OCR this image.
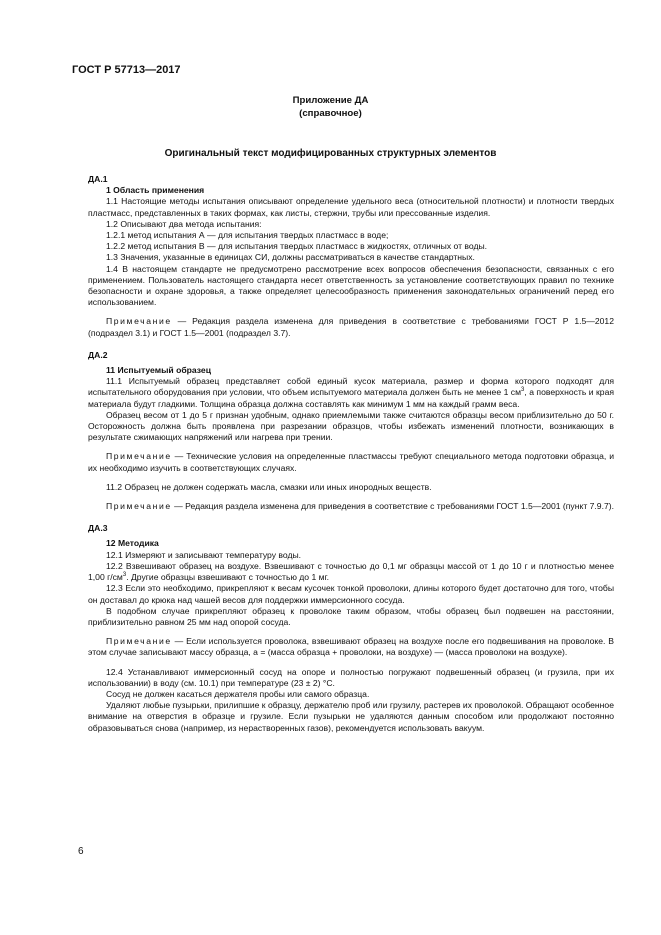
ГОСТ Р 57713—2017
Приложение ДА
(справочное)
Оригинальный текст модифицированных структурных элементов

ДА.1

1 Область применения

1.1 Настоящие методы испытания описывают определение удельного веса (относительной плотности) и плотности твердых пластмасс, представленных в таких формах, как листы, стержни, трубы или прессованные изделия.

1.2 Описывают два метода испытания:

1.2.1 метод испытания А — для испытания твердых пластмасс в воде;

1.2.2 метод испытания В — для испытания твердых пластмасс в жидкостях, отличных от воды.

1.3 Значения, указанные в единицах СИ, должны рассматриваться в качестве стандартных.

1.4 В настоящем стандарте не предусмотрено рассмотрение всех вопросов обеспечения безопасности, связанных с его применением. Пользователь настоящего стандарта несет ответственность за установление соответствующих правил по технике безопасности и охране здоровья, а также определяет целесообразность применения законодательных ограничений перед его использованием.

Примечание — Редакция раздела изменена для приведения в соответствие с требованиями ГОСТ Р 1.5—2012 (подраздел 3.1) и ГОСТ 1.5—2001 (подраздел 3.7).

ДА.2

11 Испытуемый образец

11.1 Испытуемый образец представляет собой единый кусок материала, размер и форма которого подходят для испытательного оборудования при условии, что объем испытуемого материала должен быть не менее 1 $см^3$, а поверхность и края материала будут гладкими. Толщина образца должна составлять как минимум 1 мм на каждый грамм веса.

Образец весом от 1 до 5 г признан удобным, однако приемлемыми также считаются образцы весом приблизительно до 50 г. Осторожность должна быть проявлена при разрезании образцов, чтобы избежать изменений плотности, возникающих в результате сжимающих напряжений или нагрева при трении.

Примечание — Технические условия на определенные пластмассы требуют специального метода подготовки образца, и их необходимо изучить в соответствующих случаях.

11.2 Образец не должен содержать масла, смазки или иных инородных веществ.

Примечание — Редакция раздела изменена для приведения в соответствие с требованиями ГОСТ 1.5—2001 (пункт 7.9.7).

ДА.3

12 Методика

12.1 Измеряют и записывают температуру воды.

12.2 Взвешивают образец на воздухе. Взвешивают с точностью до 0,1 мг образцы массой от 1 до 10 г и плотностью менее 1,00 $г/см^3$. Другие образцы взвешивают с точностью до 1 мг.

12.3 Если это необходимо, прикрепляют к весам кусочек тонкой проволоки, длины которого будет достаточно для того, чтобы он доставал до крюка над чашей весов для поддержки иммерсионного сосуда.

В подобном случае прикрепляют образец к проволоке таким образом, чтобы образец был подвешен на расстоянии, приблизительно равном 25 мм над опорой сосуда.

Примечание — Если используется проволока, взвешивают образец на воздухе после его подвешивания на проволоке. В этом случае записывают массу образца, а = (масса образца + проволоки, на воздухе) — (масса проволоки на воздухе).

12.4 Устанавливают иммерсионный сосуд на опоре и полностью погружают подвешенный образец (и грузила, при их использовании) в воду (см. 10.1) при температуре (23 ± 2) °С.

Сосуд не должен касаться держателя пробы или самого образца.

Удаляют любые пузырьки, прилипшие к образцу, держателю проб или грузилу, растерев их проволокой. Обращают особенное внимание на отверстия в образце и грузиле. Если пузырьки не удаляются данным способом или продолжают постоянно образовываться снова (например, из нерастворенных газов), рекомендуется использовать вакуум.

6
